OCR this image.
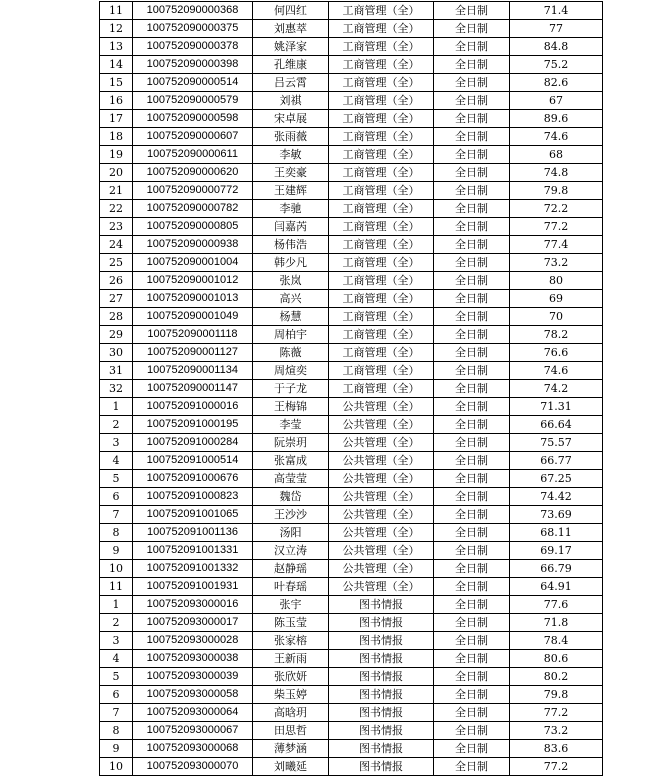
11	100752090000368	何四红	工商管理（全）	全日制	71.4
12	100752090000375	刘惠萃	工商管理（全）	全日制	77
13	100752090000378	姚泽家	工商管理（全）	全日制	84.8
14	100752090000398	孔维康	工商管理（全）	全日制	75.2
15	100752090000514	吕云霄	工商管理（全）	全日制	82.6
16	100752090000579	刘祺	工商管理（全）	全日制	67
17	100752090000598	宋卓展	工商管理（全）	全日制	89.6
18	100752090000607	张雨薇	工商管理（全）	全日制	74.6
19	100752090000611	李敏	工商管理（全）	全日制	68
20	100752090000620	王奕豪	工商管理（全）	全日制	74.8
21	100752090000772	王建辉	工商管理（全）	全日制	79.8
22	100752090000782	李驰	工商管理（全）	全日制	72.2
23	100752090000805	闫嘉芮	工商管理（全）	全日制	77.2
24	100752090000938	杨伟浩	工商管理（全）	全日制	77.4
25	100752090001004	韩少凡	工商管理（全）	全日制	73.2
26	100752090001012	张岚	工商管理（全）	全日制	80
27	100752090001013	高兴	工商管理（全）	全日制	69
28	100752090001049	杨慧	工商管理（全）	全日制	70
29	100752090001118	周柏宇	工商管理（全）	全日制	78.2
30	100752090001127	陈薇	工商管理（全）	全日制	76.6
31	100752090001134	周煊奕	工商管理（全）	全日制	74.6
32	100752090001147	于子龙	工商管理（全）	全日制	74.2
1	100752091000016	王梅锦	公共管理（全）	全日制	71.31
2	100752091000195	李莹	公共管理（全）	全日制	66.64
3	100752091000284	阮崇玥	公共管理（全）	全日制	75.57
4	100752091000514	张富成	公共管理（全）	全日制	66.77
5	100752091000676	高莹莹	公共管理（全）	全日制	67.25
6	100752091000823	魏岱	公共管理（全）	全日制	74.42
7	100752091001065	王沙沙	公共管理（全）	全日制	73.69
8	100752091001136	汤阳	公共管理（全）	全日制	68.11
9	100752091001331	汉立涛	公共管理（全）	全日制	69.17
10	100752091001332	赵静瑶	公共管理（全）	全日制	66.79
11	100752091001931	叶春瑶	公共管理（全）	全日制	64.91
1	100752093000016	张宇	图书情报	全日制	77.6
2	100752093000017	陈玉莹	图书情报	全日制	71.8
3	100752093000028	张家榕	图书情报	全日制	78.4
4	100752093000038	王新雨	图书情报	全日制	80.6
5	100752093000039	张欣妍	图书情报	全日制	80.2
6	100752093000058	柴玉婷	图书情报	全日制	79.8
7	100752093000064	高晗玥	图书情报	全日制	77.2
8	100752093000067	田思哲	图书情报	全日制	73.2
9	100752093000068	薄梦涵	图书情报	全日制	83.6
10	100752093000070	刘曦延	图书情报	全日制	77.2
